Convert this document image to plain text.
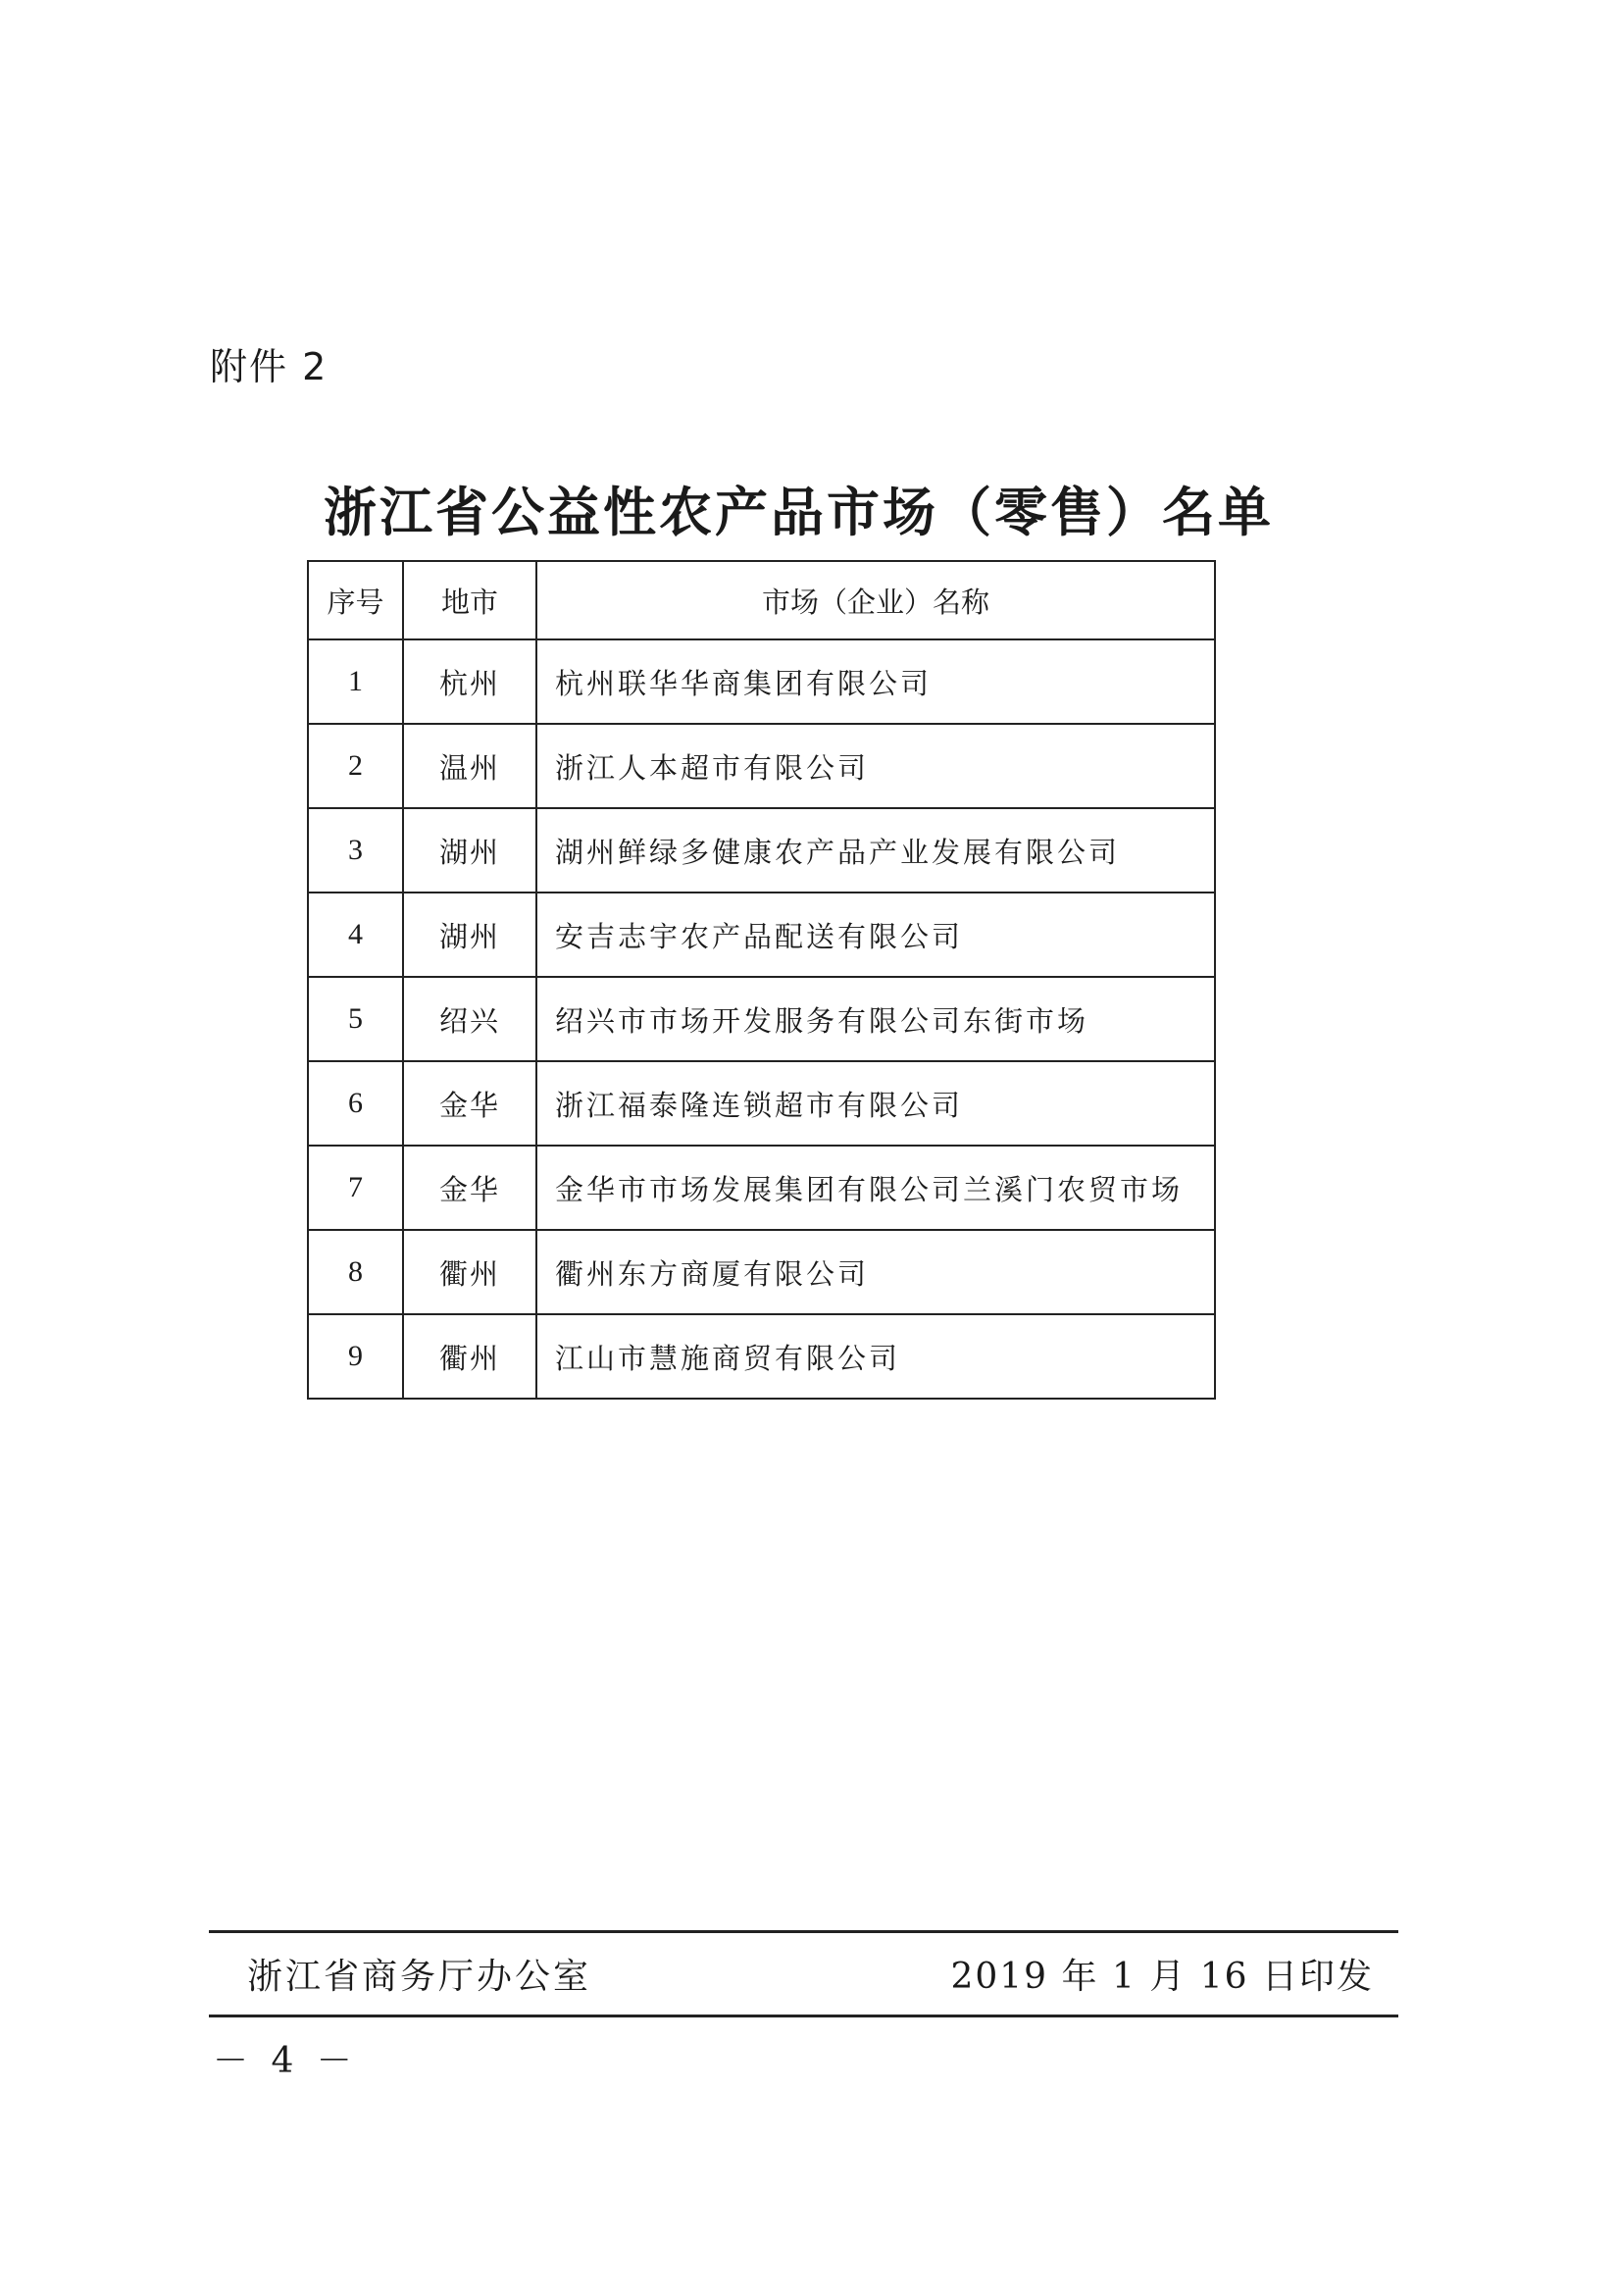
附件 2
浙江省公益性农产品市场（零售）名单
序号	地市	市场（企业）名称
1	杭州	杭州联华华商集团有限公司
2	温州	浙江人本超市有限公司
3	湖州	湖州鲜绿多健康农产品产业发展有限公司
4	湖州	安吉志宇农产品配送有限公司
5	绍兴	绍兴市市场开发服务有限公司东街市场
6	金华	浙江福泰隆连锁超市有限公司
7	金华	金华市市场发展集团有限公司兰溪门农贸市场
8	衢州	衢州东方商厦有限公司
9	衢州	江山市慧施商贸有限公司
浙江省商务厅办公室	2019 年 1 月 16 日印发
－ 4 －
